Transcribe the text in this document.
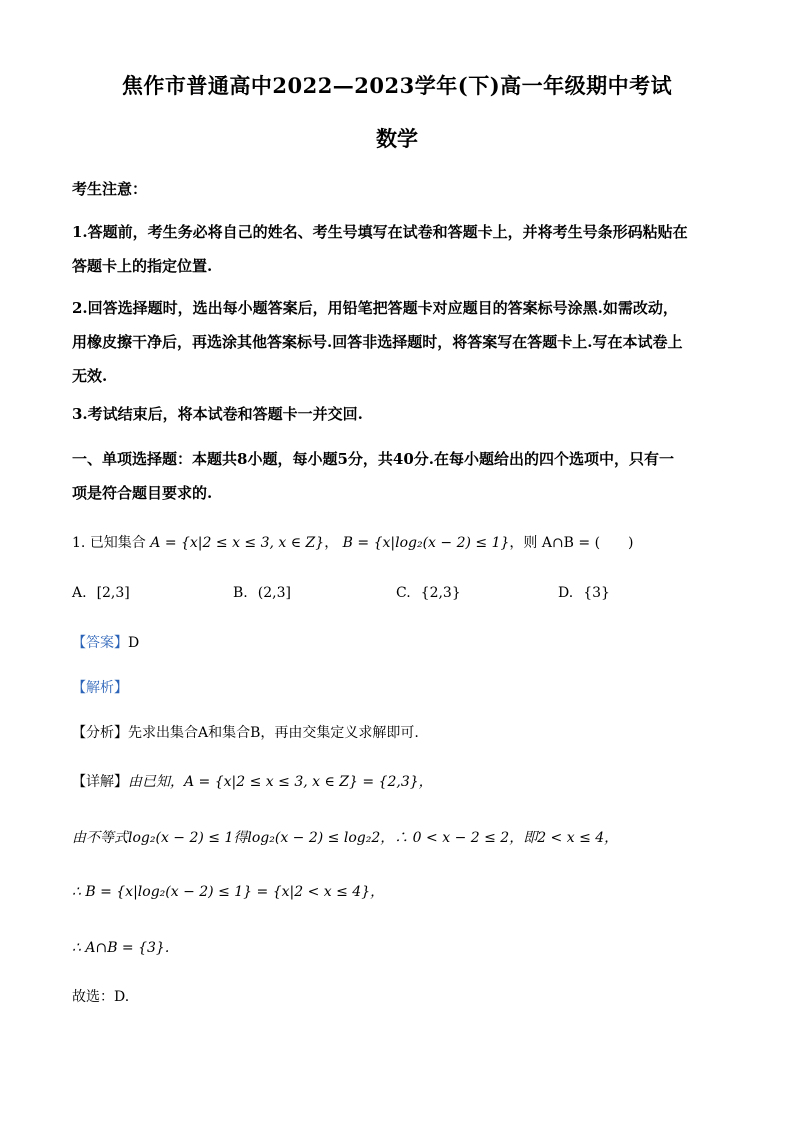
焦作市普通高中2022—2023学年(下)高一年级期中考试
数学
考生注意：
1.答题前，考生务必将自己的姓名、考生号填写在试卷和答题卡上，并将考生号条形码粘贴在
答题卡上的指定位置.
2.回答选择题时，选出每小题答案后，用铅笔把答题卡对应题目的答案标号涂黑.如需改动，
用橡皮擦干净后，再选涂其他答案标号.回答非选择题时，将答案写在答题卡上.写在本试卷上
无效.
3.考试结束后，将本试卷和答题卡一并交回.
一、单项选择题：本题共8小题，每小题5分，共40分.在每小题给出的四个选项中，只有一
项是符合题目要求的.
1. 已知集合 A = {x|2 ≤ x ≤ 3, x ∈ Z}， B = {x|log₂(x − 2) ≤ 1}，则 A∩B = (　　)
A. [2,3]	B. (2,3]	C. {2,3}	D. {3}
【答案】D
【解析】
【分析】先求出集合A和集合B，再由交集定义求解即可.
【详解】由已知，A = {x|2 ≤ x ≤ 3, x ∈ Z} = {2,3}，
由不等式log₂(x − 2) ≤ 1得log₂(x − 2) ≤ log₂2，∴ 0 < x − 2 ≤ 2，即2 < x ≤ 4，
∴ B = {x|log₂(x − 2) ≤ 1} = {x|2 < x ≤ 4}，
∴ A∩B = {3}.
故选：D.
